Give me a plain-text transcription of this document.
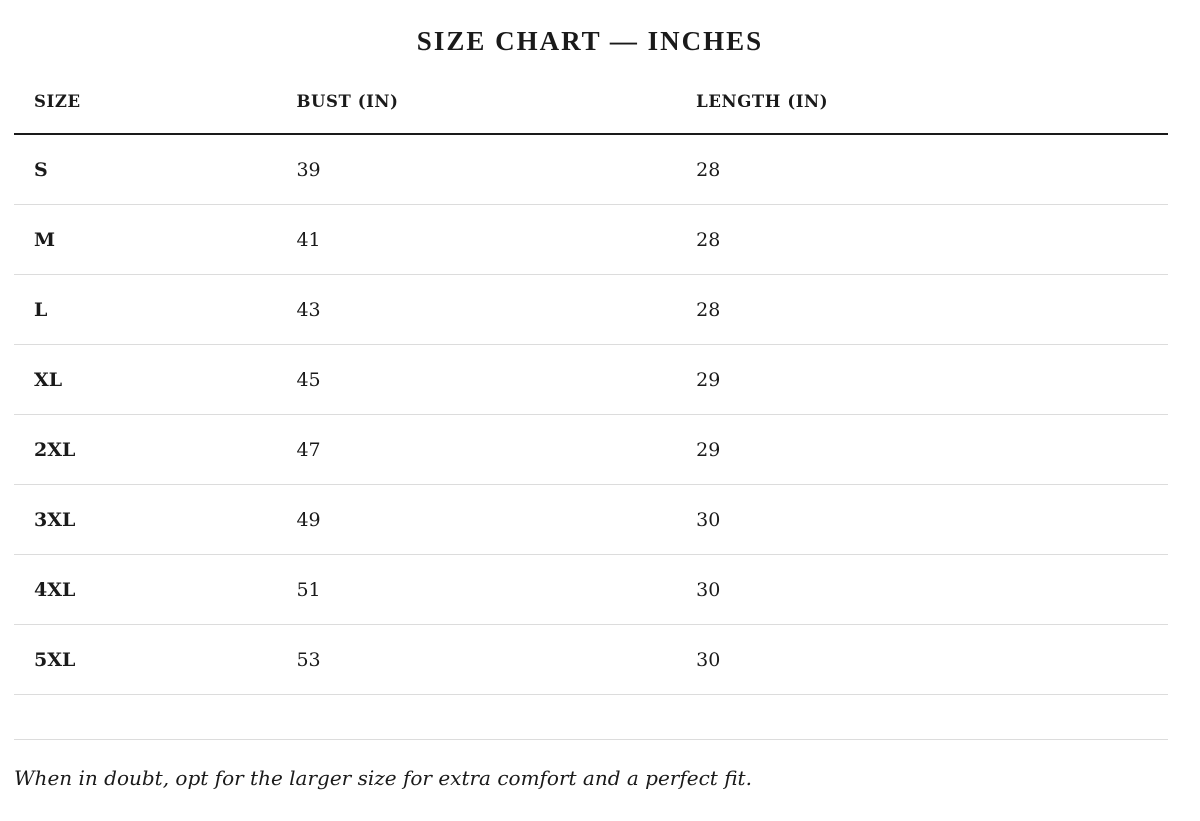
SIZE CHART — INCHES
SIZE	BUST (IN)	LENGTH (IN)
S	39	28
M	41	28
L	43	28
XL	45	29
2XL	47	29
3XL	49	30
4XL	51	30
5XL	53	30

When in doubt, opt for the larger size for extra comfort and a perfect fit.
